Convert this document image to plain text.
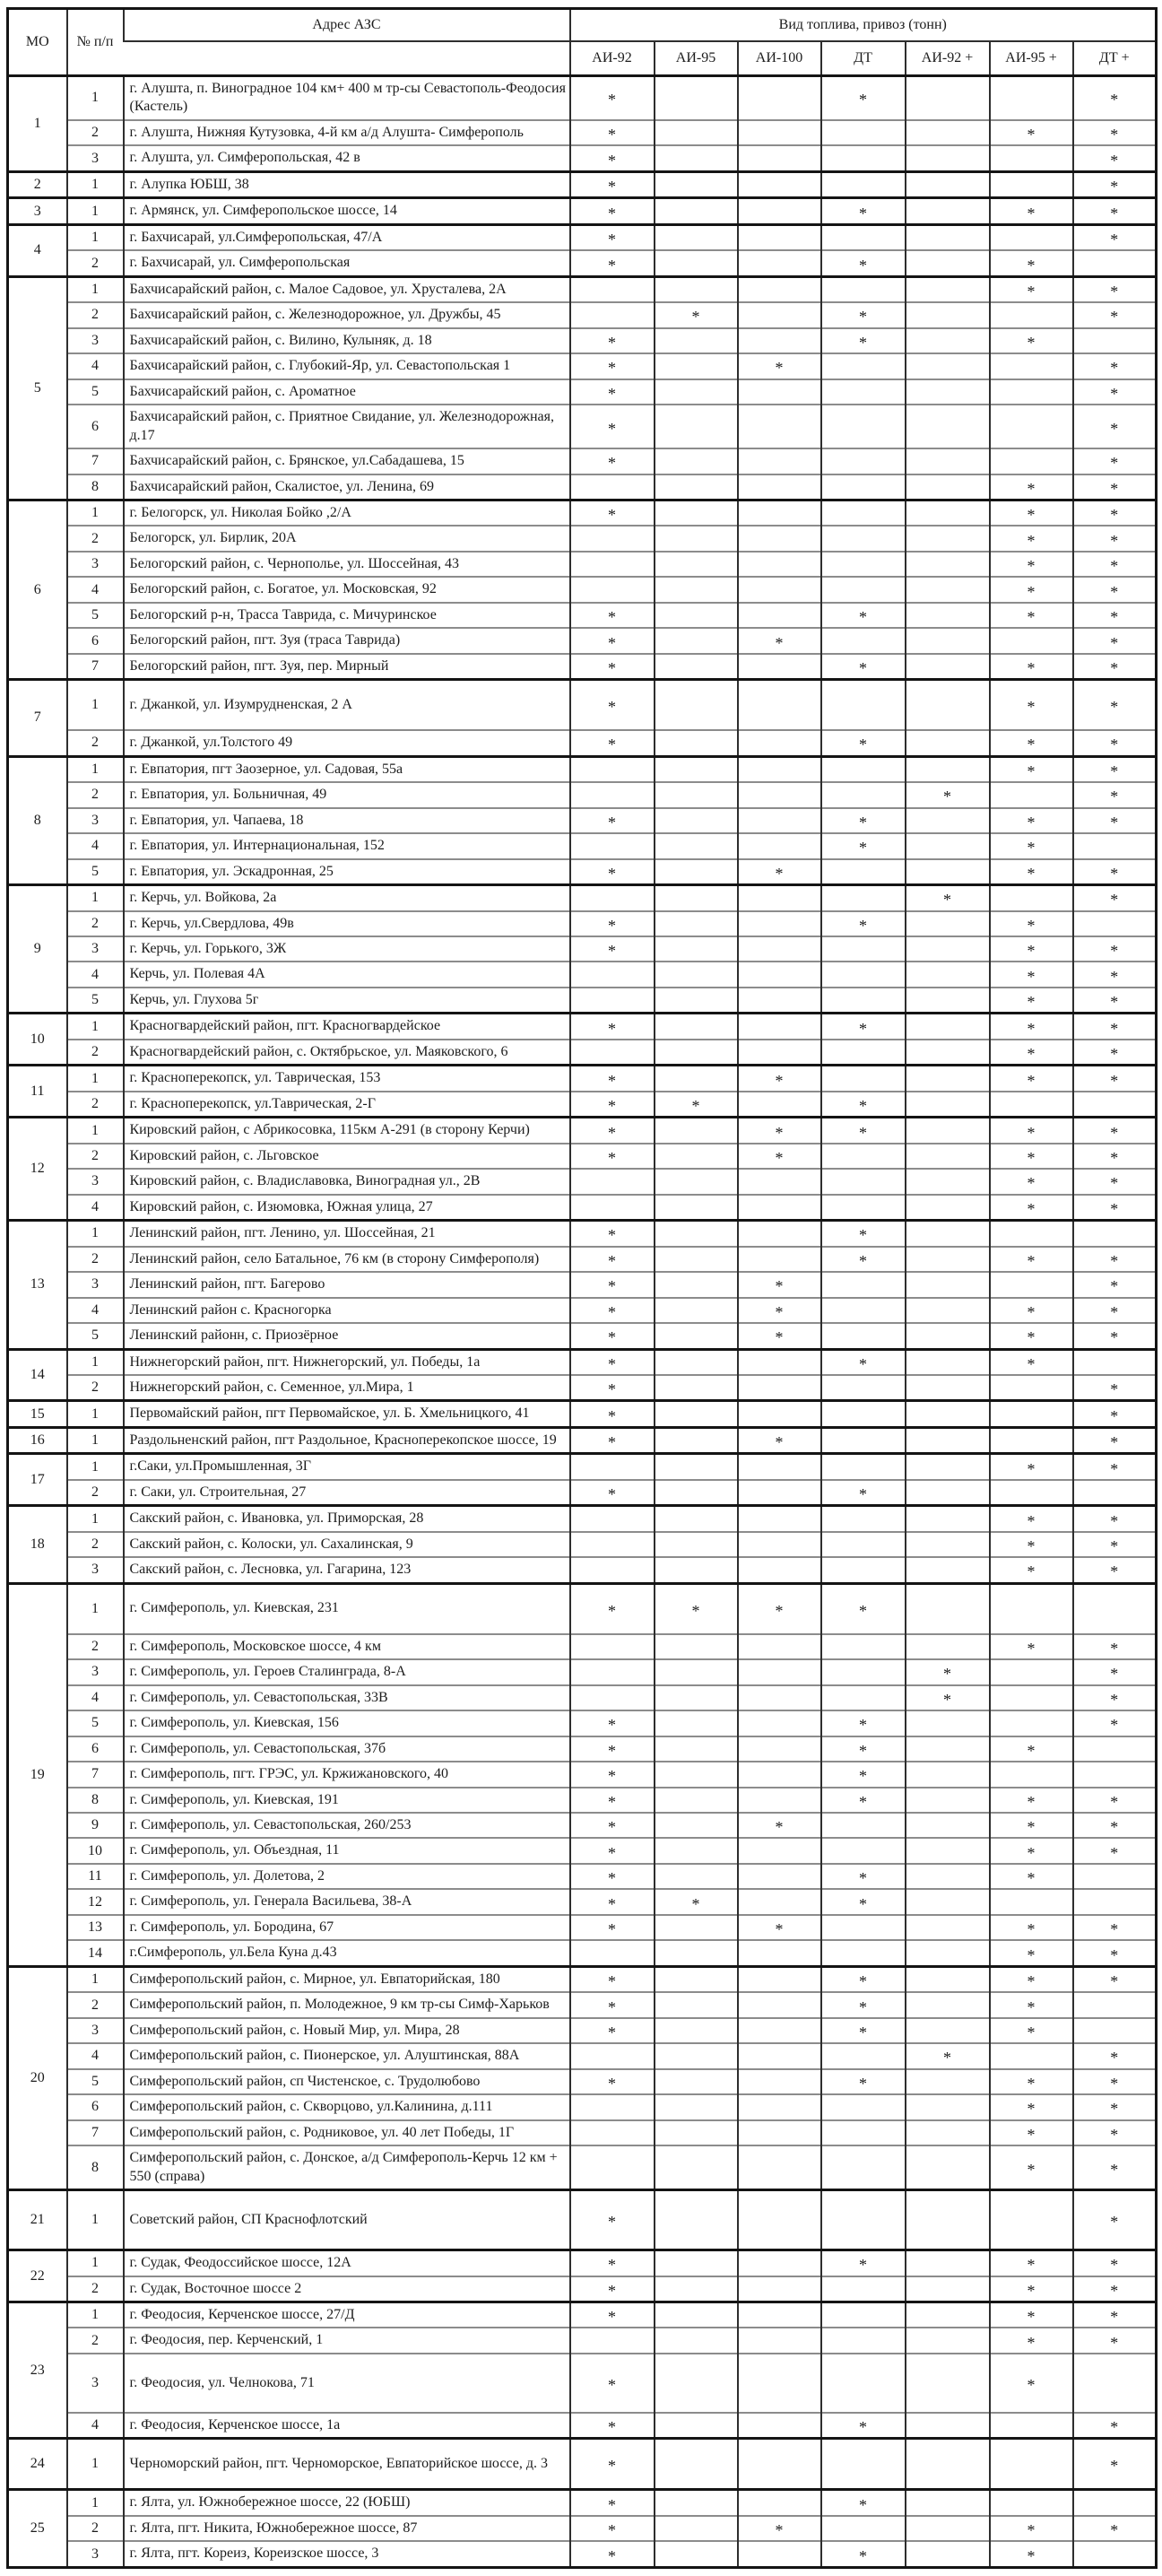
МО	№ п/п	Адрес АЗС	Вид топлива, привоз (тонн)						
			АИ-92	АИ-95	АИ-100	ДТ	АИ-92 +	АИ-95 +	ДТ +
1	1	г. Алушта, п. Виноградное 104 км+ 400 м тр-сы Севастополь-Феодосия (Кастель)	*			*			*
	2	г. Алушта, Нижняя Кутузовка, 4-й км а/д Алушта- Симферополь	*					*	*
	3	г. Алушта, ул. Симферопольская, 42 в	*						*
2	1	г. Алупка ЮБШ, 38	*						*
3	1	г. Армянск, ул. Симферопольское шоссе, 14	*			*		*	*
4	1	г. Бахчисарай, ул.Симферопольская, 47/А	*						*
	2	г. Бахчисарай, ул. Симферопольская	*			*		*	
5	1	Бахчисарайский район, с. Малое Садовое, ул. Хрусталева, 2А						*	*
	2	Бахчисарайский район, с. Железнодорожное, ул. Дружбы, 45		*		*			*
	3	Бахчисарайский район, с. Вилино, Кулыняк, д. 18	*			*		*	
	4	Бахчисарайский район, с. Глубокий-Яр, ул. Севастопольская 1	*		*				*
	5	Бахчисарайский район, с. Ароматное	*						*
	6	Бахчисарайский район, с. Приятное Свидание, ул. Железнодорожная, д.17	*						*
	7	Бахчисарайский район, с. Брянское, ул.Сабадашева, 15	*						*
	8	Бахчисарайский район, Скалистое, ул. Ленина, 69						*	*
6	1	г. Белогорск, ул. Николая Бойко ,2/А	*					*	*
	2	Белогорск, ул. Бирлик, 20А						*	*
	3	Белогорский район, с. Чернополье, ул. Шоссейная, 43						*	*
	4	Белогорский район, с. Богатое, ул. Московская, 92						*	*
	5	Белогорский р-н, Трасса Таврида, с. Мичуринское	*			*		*	*
	6	Белогорский район, пгт. Зуя (траса Таврида)	*		*				*
	7	Белогорский район, пгт. Зуя, пер. Мирный	*			*		*	*
7	1	г. Джанкой, ул. Изумрудненская, 2 А	*					*	*
	2	г. Джанкой, ул.Толстого 49	*			*		*	*
8	1	г. Евпатория, пгт Заозерное, ул. Садовая, 55а						*	*
	2	г. Евпатория, ул. Больничная, 49					*		*
	3	г. Евпатория, ул. Чапаева, 18	*			*		*	*
	4	г. Евпатория, ул. Интернациональная, 152				*		*	
	5	г. Евпатория, ул. Эскадронная, 25	*		*			*	*
9	1	г. Керчь, ул. Войкова, 2а					*		*
	2	г. Керчь, ул.Свердлова, 49в	*			*		*	
	3	г. Керчь, ул. Горького, 3Ж	*					*	*
	4	Керчь, ул. Полевая 4А						*	*
	5	Керчь, ул. Глухова 5г						*	*
10	1	Красногвардейский район, пгт. Красногвардейское	*			*		*	*
	2	Красногвардейский район, с. Октябрьское, ул. Маяковского, 6						*	*
11	1	г. Красноперекопск, ул. Таврическая, 153	*		*			*	*
	2	г. Красноперекопск, ул.Таврическая, 2-Г	*	*		*			
12	1	Кировский район, с Абрикосовка, 115км А-291 (в сторону Керчи)	*		*	*		*	*
	2	Кировский район, с. Льговское	*		*			*	*
	3	Кировский район, с. Владиславовка, Виноградная ул., 2В						*	*
	4	Кировский район, с. Изюмовка, Южная улица, 27						*	*
13	1	Ленинский район, пгт. Ленино, ул. Шоссейная, 21	*			*			
	2	Ленинский район, село Батальное, 76 км (в сторону Симферополя)	*			*		*	*
	3	Ленинский район, пгт. Багерово	*		*				*
	4	Ленинский район с. Красногорка	*		*			*	*
	5	Ленинский районн, с. Приозёрное	*		*			*	*
14	1	Нижнегорский район, пгт. Нижнегорский, ул. Победы, 1а	*			*		*	
	2	Нижнегорский район, с. Семенное, ул.Мира, 1	*						*
15	1	Первомайский район, пгт Первомайское, ул. Б. Хмельницкого, 41	*						*
16	1	Раздольненский район, пгт Раздольное, Красноперекопское шоссе, 19	*		*				*
17	1	г.Саки, ул.Промышленная, 3Г						*	*
	2	г. Саки, ул. Строительная, 27	*			*			
18	1	Сакский район, с. Ивановка, ул. Приморская, 28						*	*
	2	Сакский район, с. Колоски, ул. Сахалинская, 9						*	*
	3	Сакский район, с. Лесновка, ул. Гагарина, 123						*	*
19	1	г. Симферополь, ул. Киевская, 231	*	*	*	*			
	2	г. Симферополь, Московское шоссе, 4 км						*	*
	3	г. Симферополь, ул. Героев Сталинграда, 8-А					*		*
	4	г. Симферополь, ул. Севастопольская, 33В					*		*
	5	г. Симферополь, ул. Киевская, 156	*			*			*
	6	г. Симферополь, ул. Севастопольская, 37б	*			*		*	
	7	г. Симферополь, пгт. ГРЭС, ул. Кржижановского, 40	*			*			
	8	г. Симферополь, ул. Киевская, 191	*			*		*	*
	9	г. Симферополь, ул. Севастопольская, 260/253	*		*			*	*
	10	г. Симферополь, ул. Объездная, 11	*					*	*
	11	г. Симферополь, ул. Долетова, 2	*			*		*	
	12	г. Симферополь, ул. Генерала Васильева, 38-А	*	*		*			
	13	г. Симферополь, ул. Бородина, 67	*		*			*	*
	14	г.Симферополь, ул.Бела Куна д.43						*	*
20	1	Симферопольский район, с. Мирное, ул. Евпаторийская, 180	*			*		*	*
	2	Симферопольский район, п. Молодежное, 9 км тр-сы Симф-Харьков	*			*		*	
	3	Симферопольский район, с. Новый Мир, ул. Мира, 28	*			*		*	
	4	Симферопольский район, с. Пионерское, ул. Алуштинская, 88А					*		*
	5	Симферопольский район, сп Чистенское, с. Трудолюбово	*			*		*	*
	6	Симферопольский район, с. Скворцово, ул.Калинина, д.111						*	*
	7	Симферопольский район, с. Родниковое, ул. 40 лет Победы, 1Г						*	*
	8	Симферопольский район, с. Донское, а/д Симферополь-Керчь 12 км + 550 (справа)						*	*
21	1	Советский район, СП Краснофлотский	*						*
22	1	г. Судак, Феодоссийское шоссе, 12А	*			*		*	*
	2	г. Судак, Восточное шоссе 2	*					*	*
23	1	г. Феодосия, Керченское шоссе, 27/Д	*					*	*
	2	г. Феодосия, пер. Керченский, 1						*	*
	3	г. Феодосия, ул. Челнокова, 71	*					*	
	4	г. Феодосия, Керченское шоссе, 1а	*			*			*
24	1	Черноморский район, пгт. Черноморское, Евпаторийское шоссе, д. 3	*						*
25	1	г. Ялта, ул. Южнобережное шоссе, 22 (ЮБШ)	*			*			
	2	г. Ялта, пгт. Никита, Южнобережное шоссе, 87	*		*			*	*
	3	г. Ялта, пгт. Кореиз, Кореизское шоссе, 3	*			*		*	
